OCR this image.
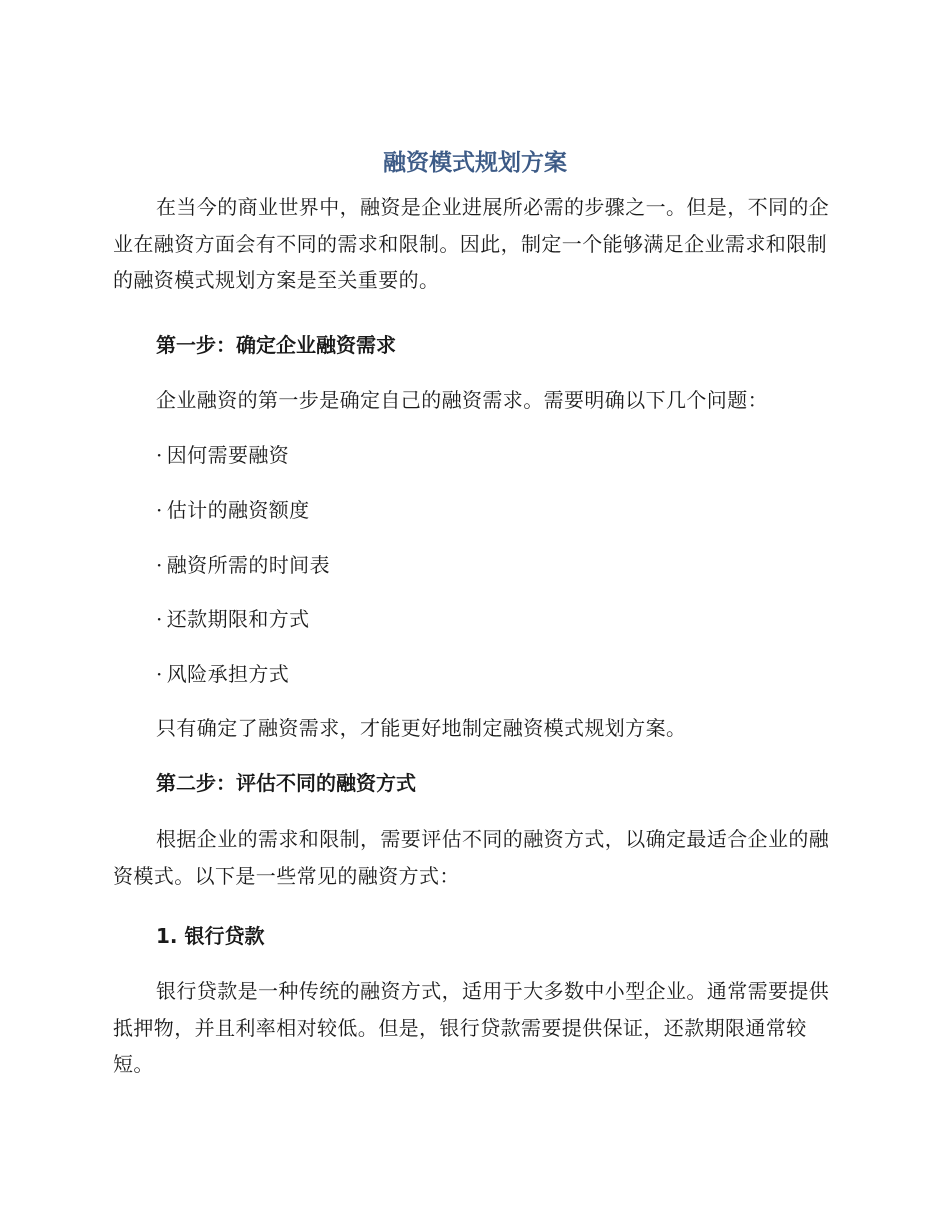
融资模式规划方案

在当今的商业世界中，融资是企业进展所必需的步骤之一。但是，不同的企业在融资方面会有不同的需求和限制。因此，制定一个能够满足企业需求和限制的融资模式规划方案是至关重要的。

第一步：确定企业融资需求

企业融资的第一步是确定自己的融资需求。需要明确以下几个问题：

· 因何需要融资
· 估计的融资额度
· 融资所需的时间表
· 还款期限和方式
· 风险承担方式

只有确定了融资需求，才能更好地制定融资模式规划方案。

第二步：评估不同的融资方式

根据企业的需求和限制，需要评估不同的融资方式，以确定最适合企业的融资模式。以下是一些常见的融资方式：

1. 银行贷款

银行贷款是一种传统的融资方式，适用于大多数中小型企业。通常需要提供抵押物，并且利率相对较低。但是，银行贷款需要提供保证，还款期限通常较短。
